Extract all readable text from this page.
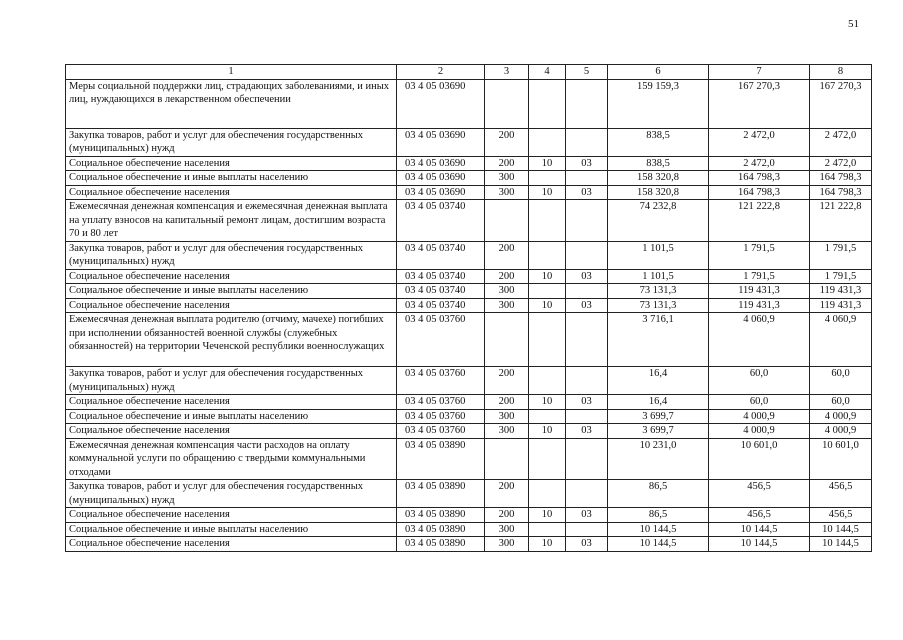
51
1	2	3	4	5	6	7	8
Меры социальной поддержки лиц, страдающих заболеваниями, и иных лиц, нуждающихся в лекарственном обеспечении	03 4 05 03690				159 159,3	167 270,3	167 270,3
Закупка товаров, работ и услуг для обеспечения государственных (муниципальных) нужд	03 4 05 03690	200			838,5	2 472,0	2 472,0
Социальное обеспечение населения	03 4 05 03690	200	10	03	838,5	2 472,0	2 472,0
Социальное обеспечение и иные выплаты населению	03 4 05 03690	300			158 320,8	164 798,3	164 798,3
Социальное обеспечение населения	03 4 05 03690	300	10	03	158 320,8	164 798,3	164 798,3
Ежемесячная денежная компенсация и ежемесячная денежная выплата на уплату взносов на капитальный ремонт лицам, достигшим возраста 70 и 80 лет	03 4 05 03740				74 232,8	121 222,8	121 222,8
Закупка товаров, работ и услуг для обеспечения государственных (муниципальных) нужд	03 4 05 03740	200			1 101,5	1 791,5	1 791,5
Социальное обеспечение населения	03 4 05 03740	200	10	03	1 101,5	1 791,5	1 791,5
Социальное обеспечение и иные выплаты населению	03 4 05 03740	300			73 131,3	119 431,3	119 431,3
Социальное обеспечение населения	03 4 05 03740	300	10	03	73 131,3	119 431,3	119 431,3
Ежемесячная денежная выплата родителю (отчиму, мачехе) погибших при исполнении обязанностей военной службы (служебных обязанностей) на территории Чеченской республики военнослужащих	03 4 05 03760				3 716,1	4 060,9	4 060,9
Закупка товаров, работ и услуг для обеспечения государственных (муниципальных) нужд	03 4 05 03760	200			16,4	60,0	60,0
Социальное обеспечение населения	03 4 05 03760	200	10	03	16,4	60,0	60,0
Социальное обеспечение и иные выплаты населению	03 4 05 03760	300			3 699,7	4 000,9	4 000,9
Социальное обеспечение населения	03 4 05 03760	300	10	03	3 699,7	4 000,9	4 000,9
Ежемесячная денежная компенсация части расходов на оплату коммунальной услуги по обращению с твердыми коммунальными отходами	03 4 05 03890				10 231,0	10 601,0	10 601,0
Закупка товаров, работ и услуг для обеспечения государственных (муниципальных) нужд	03 4 05 03890	200			86,5	456,5	456,5
Социальное обеспечение населения	03 4 05 03890	200	10	03	86,5	456,5	456,5
Социальное обеспечение и иные выплаты населению	03 4 05 03890	300			10 144,5	10 144,5	10 144,5
Социальное обеспечение населения	03 4 05 03890	300	10	03	10 144,5	10 144,5	10 144,5
